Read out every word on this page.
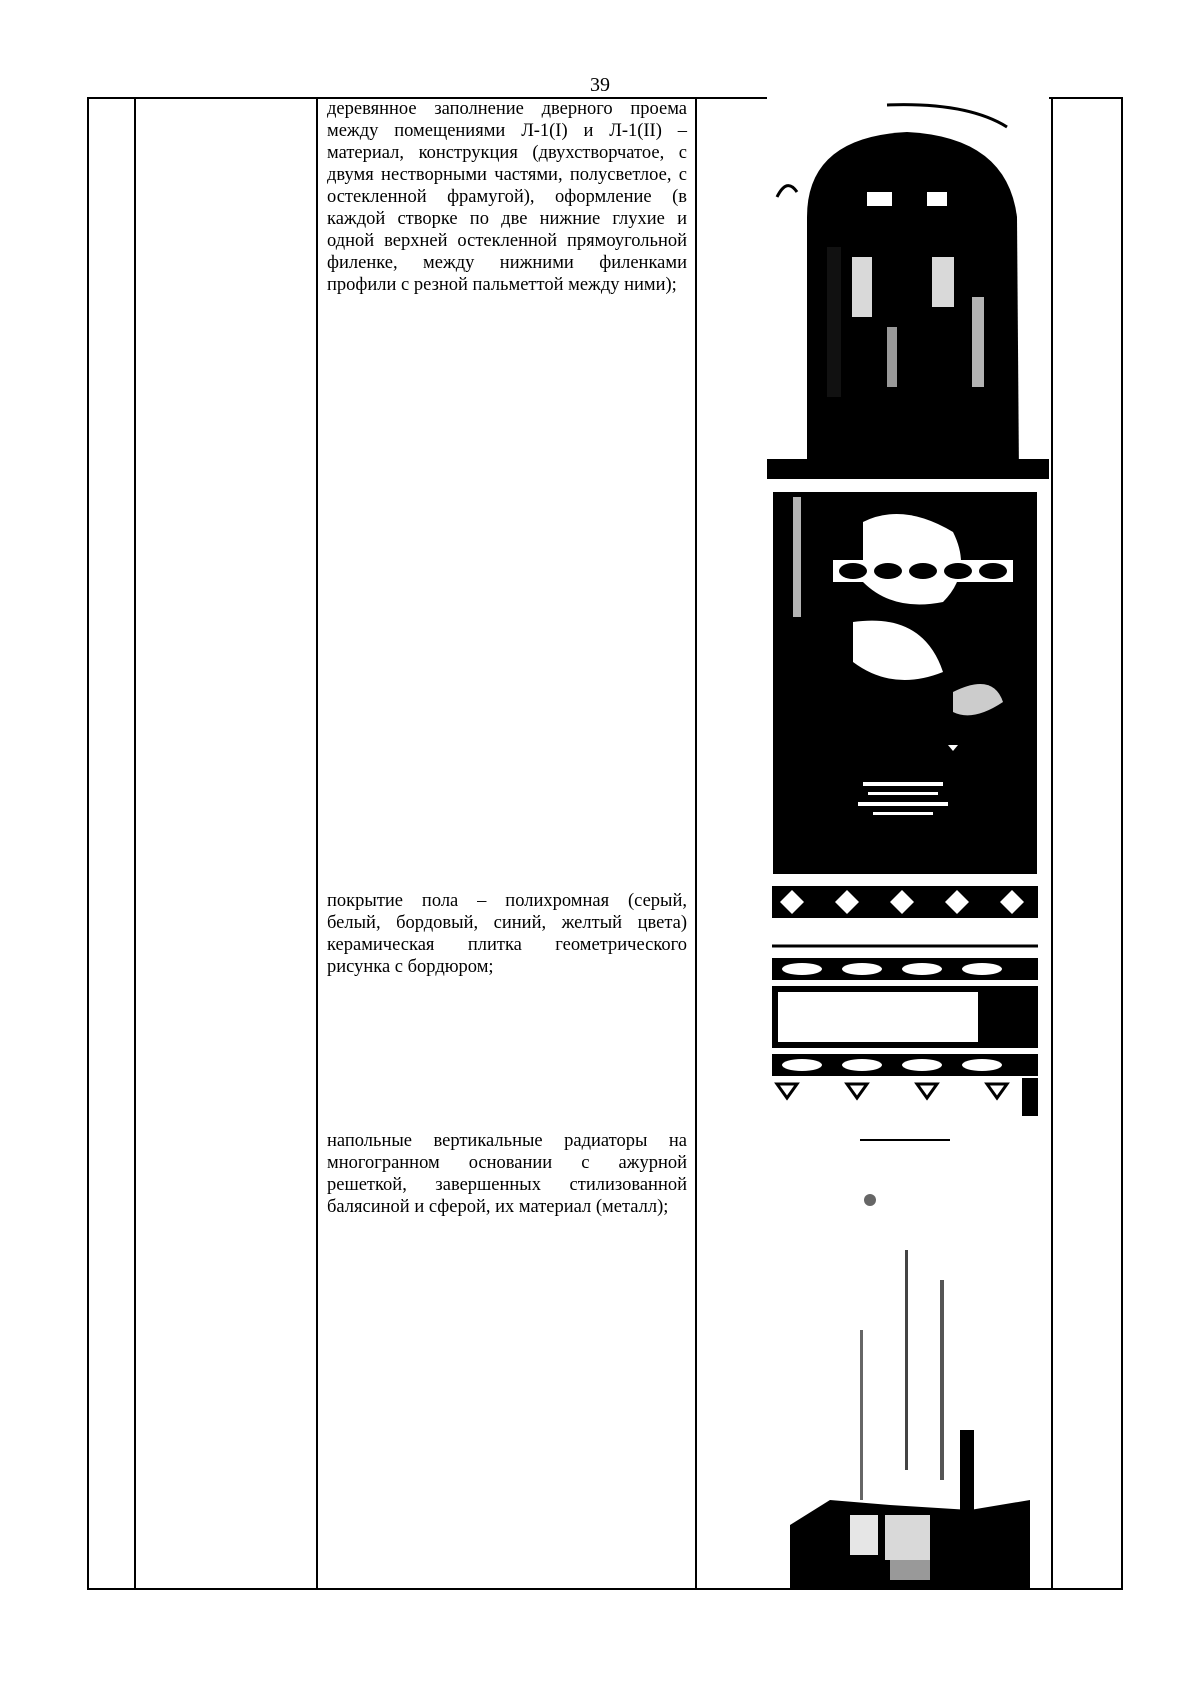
39
деревянное заполнение дверного проема между помещениями Л-1(I) и Л-1(II) – материал, конструкция (двухстворчатое, с двумя нестворными частями, полусветлое, с остекленной фрамугой), оформление (в каждой створке по две нижние глухие и одной верхней остекленной прямоугольной филенке, между нижними филенками профили с резной пальметтой между ними);
покрытие пола – полихромная (серый, белый, бордовый, синий, желтый цвета) керамическая плитка геометрического рисунка с бордюром;
напольные вертикальные радиаторы на многогранном основании с ажурной решеткой, завершенных стилизованной балясиной и сферой, их материал (металл);
